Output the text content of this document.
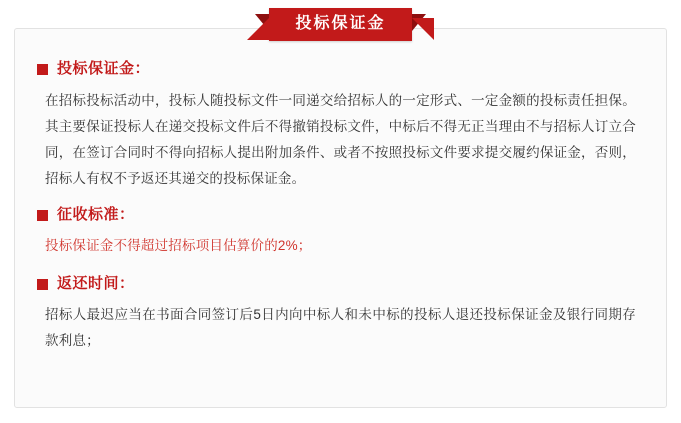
投标保证金：
在招标投标活动中，投标人随投标文件一同递交给招标人的一定形式、一定金额的投标责任担保。其主要保证投标人在递交投标文件后不得撤销投标文件，中标后不得无正当理由不与招标人订立合同，在签订合同时不得向招标人提出附加条件、或者不按照投标文件要求提交履约保证金，否则，招标人有权不予返还其递交的投标保证金。
征收标准：
投标保证金不得超过招标项目估算价的2%；
返还时间：
招标人最迟应当在书面合同签订后5日内向中标人和未中标的投标人退还投标保证金及银行同期存款利息；
投标保证金
